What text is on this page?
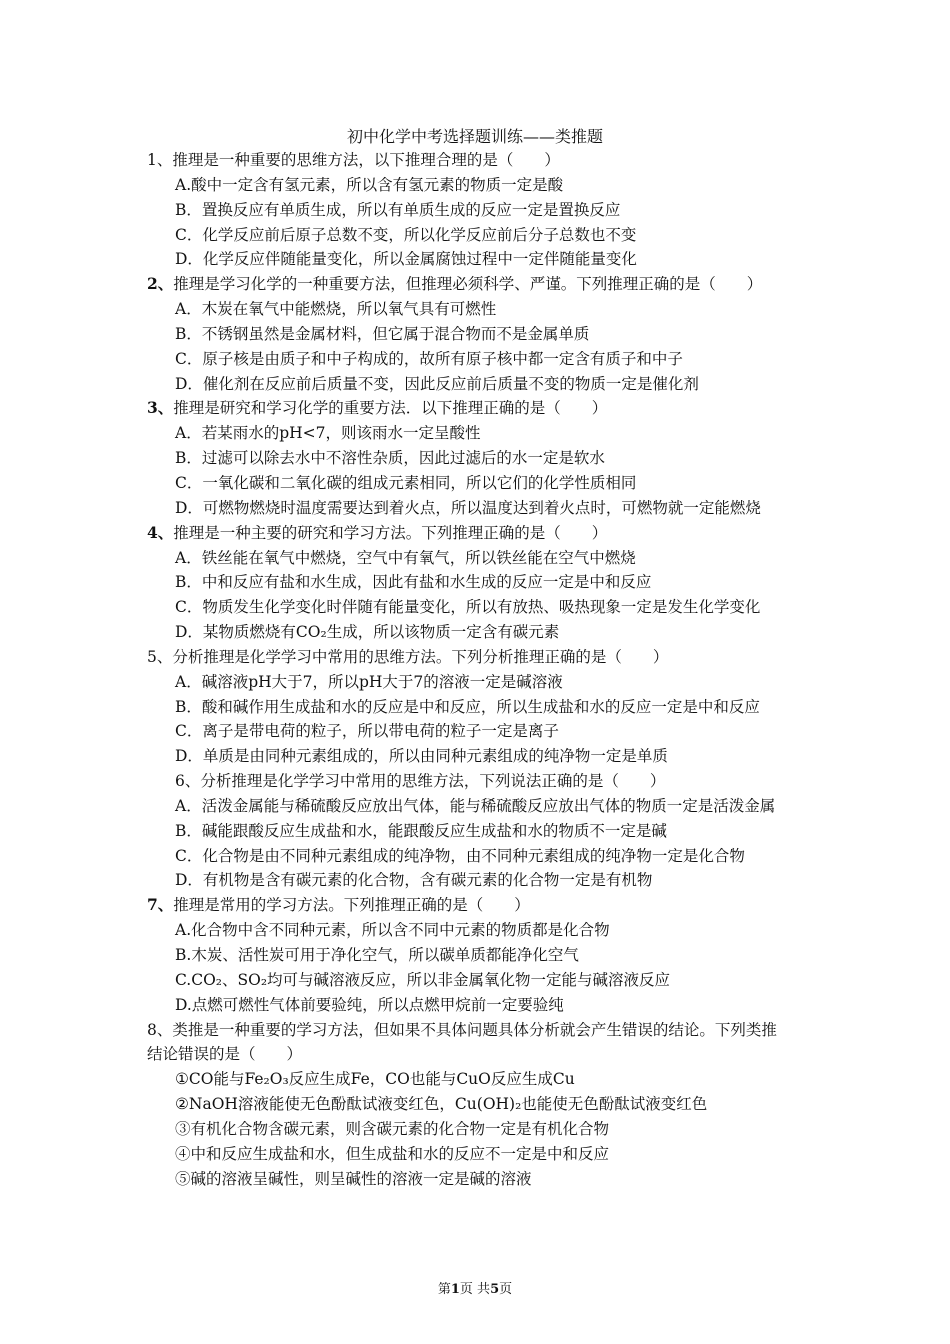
初中化学中考选择题训练——类推题
1、推理是一种重要的思维方法，以下推理合理的是（　　）
A.酸中一定含有氢元素，所以含有氢元素的物质一定是酸
B．置换反应有单质生成，所以有单质生成的反应一定是置换反应
C．化学反应前后原子总数不变，所以化学反应前后分子总数也不变
D．化学反应伴随能量变化，所以金属腐蚀过程中一定伴随能量变化
2、推理是学习化学的一种重要方法，但推理必须科学、严谨。下列推理正确的是（　　）
A．木炭在氧气中能燃烧，所以氧气具有可燃性
B．不锈钢虽然是金属材料，但它属于混合物而不是金属单质
C．原子核是由质子和中子构成的，故所有原子核中都一定含有质子和中子
D．催化剂在反应前后质量不变，因此反应前后质量不变的物质一定是催化剂
3、推理是研究和学习化学的重要方法．以下推理正确的是（　　）
A．若某雨水的pH<7，则该雨水一定呈酸性
B．过滤可以除去水中不溶性杂质，因此过滤后的水一定是软水
C．一氧化碳和二氧化碳的组成元素相同，所以它们的化学性质相同
D．可燃物燃烧时温度需要达到着火点，所以温度达到着火点时，可燃物就一定能燃烧
4、推理是一种主要的研究和学习方法。下列推理正确的是（　　）
A．铁丝能在氧气中燃烧，空气中有氧气，所以铁丝能在空气中燃烧
B．中和反应有盐和水生成，因此有盐和水生成的反应一定是中和反应
C．物质发生化学变化时伴随有能量变化，所以有放热、吸热现象一定是发生化学变化
D．某物质燃烧有CO₂生成，所以该物质一定含有碳元素
5、分析推理是化学学习中常用的思维方法。下列分析推理正确的是（　　）
A．碱溶液pH大于7，所以pH大于7的溶液一定是碱溶液
B．酸和碱作用生成盐和水的反应是中和反应，所以生成盐和水的反应一定是中和反应
C．离子是带电荷的粒子，所以带电荷的粒子一定是离子
D．单质是由同种元素组成的，所以由同种元素组成的纯净物一定是单质
6、分析推理是化学学习中常用的思维方法，下列说法正确的是（　　）
A．活泼金属能与稀硫酸反应放出气体，能与稀硫酸反应放出气体的物质一定是活泼金属
B．碱能跟酸反应生成盐和水，能跟酸反应生成盐和水的物质不一定是碱
C．化合物是由不同种元素组成的纯净物，由不同种元素组成的纯净物一定是化合物
D．有机物是含有碳元素的化合物，含有碳元素的化合物一定是有机物
7、推理是常用的学习方法。下列推理正确的是（　　）
A.化合物中含不同种元素，所以含不同中元素的物质都是化合物
B.木炭、活性炭可用于净化空气，所以碳单质都能净化空气
C.CO₂、SO₂均可与碱溶液反应，所以非金属氧化物一定能与碱溶液反应
D.点燃可燃性气体前要验纯，所以点燃甲烷前一定要验纯
8、类推是一种重要的学习方法，但如果不具体问题具体分析就会产生错误的结论。下列类推
结论错误的是（　　）
①CO能与Fe₂O₃反应生成Fe，CO也能与CuO反应生成Cu
②NaOH溶液能使无色酚酞试液变红色，Cu(OH)₂也能使无色酚酞试液变红色
③有机化合物含碳元素，则含碳元素的化合物一定是有机化合物
④中和反应生成盐和水，但生成盐和水的反应不一定是中和反应
⑤碱的溶液呈碱性，则呈碱性的溶液一定是碱的溶液
第1页 共5页
